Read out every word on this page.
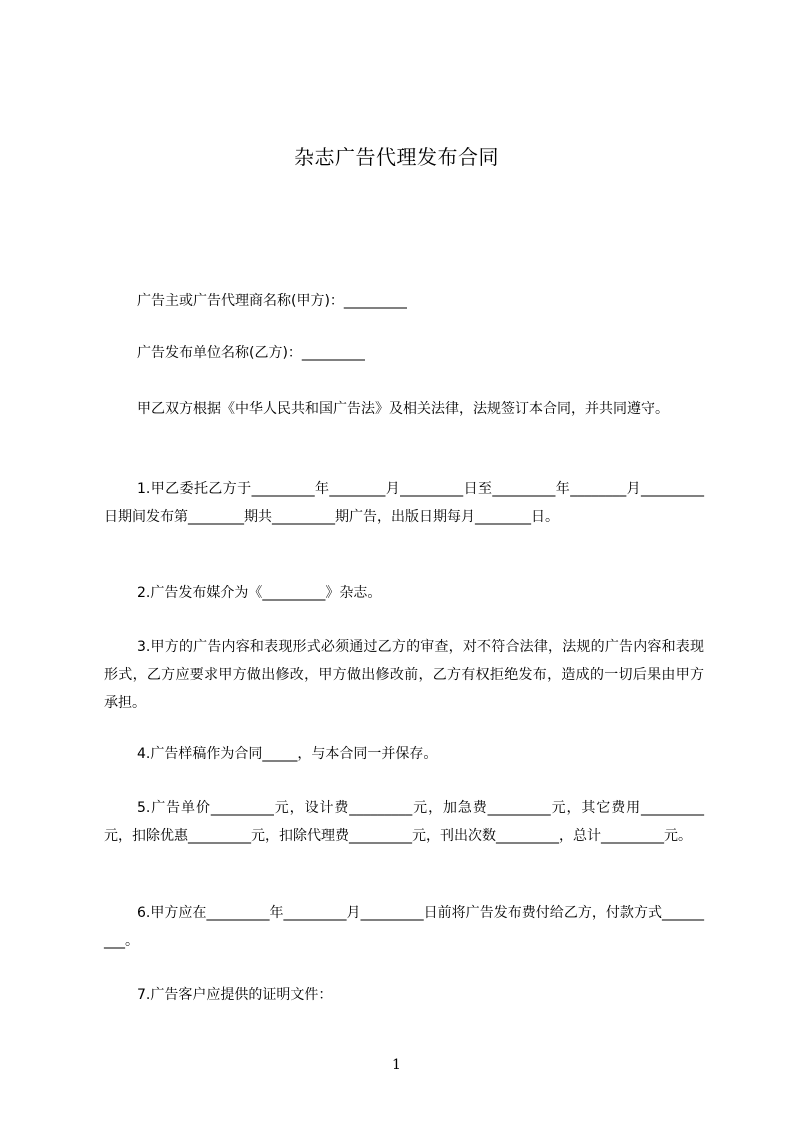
杂志广告代理发布合同

广告主或广告代理商名称(甲方)：_________

广告发布单位名称(乙方)：_________

甲乙双方根据《中华人民共和国广告法》及相关法律，法规签订本合同，并共同遵守。

1.甲乙委托乙方于_________年________月_________日至_________年________月_________日期间发布第________期共_________期广告，出版日期每月________日。

2.广告发布媒介为《_________》杂志。

3.甲方的广告内容和表现形式必须通过乙方的审查，对不符合法律，法规的广告内容和表现形式，乙方应要求甲方做出修改，甲方做出修改前，乙方有权拒绝发布，造成的一切后果由甲方承担。

4.广告样稿作为合同_____，与本合同一并保存。

5.广告单价_________元，设计费_________元，加急费_________元，其它费用_________元，扣除优惠_________元，扣除代理费_________元，刊出次数_________，总计_________元。

6.甲方应在_________年_________月_________日前将广告发布费付给乙方，付款方式_________。

7.广告客户应提供的证明文件：

1
